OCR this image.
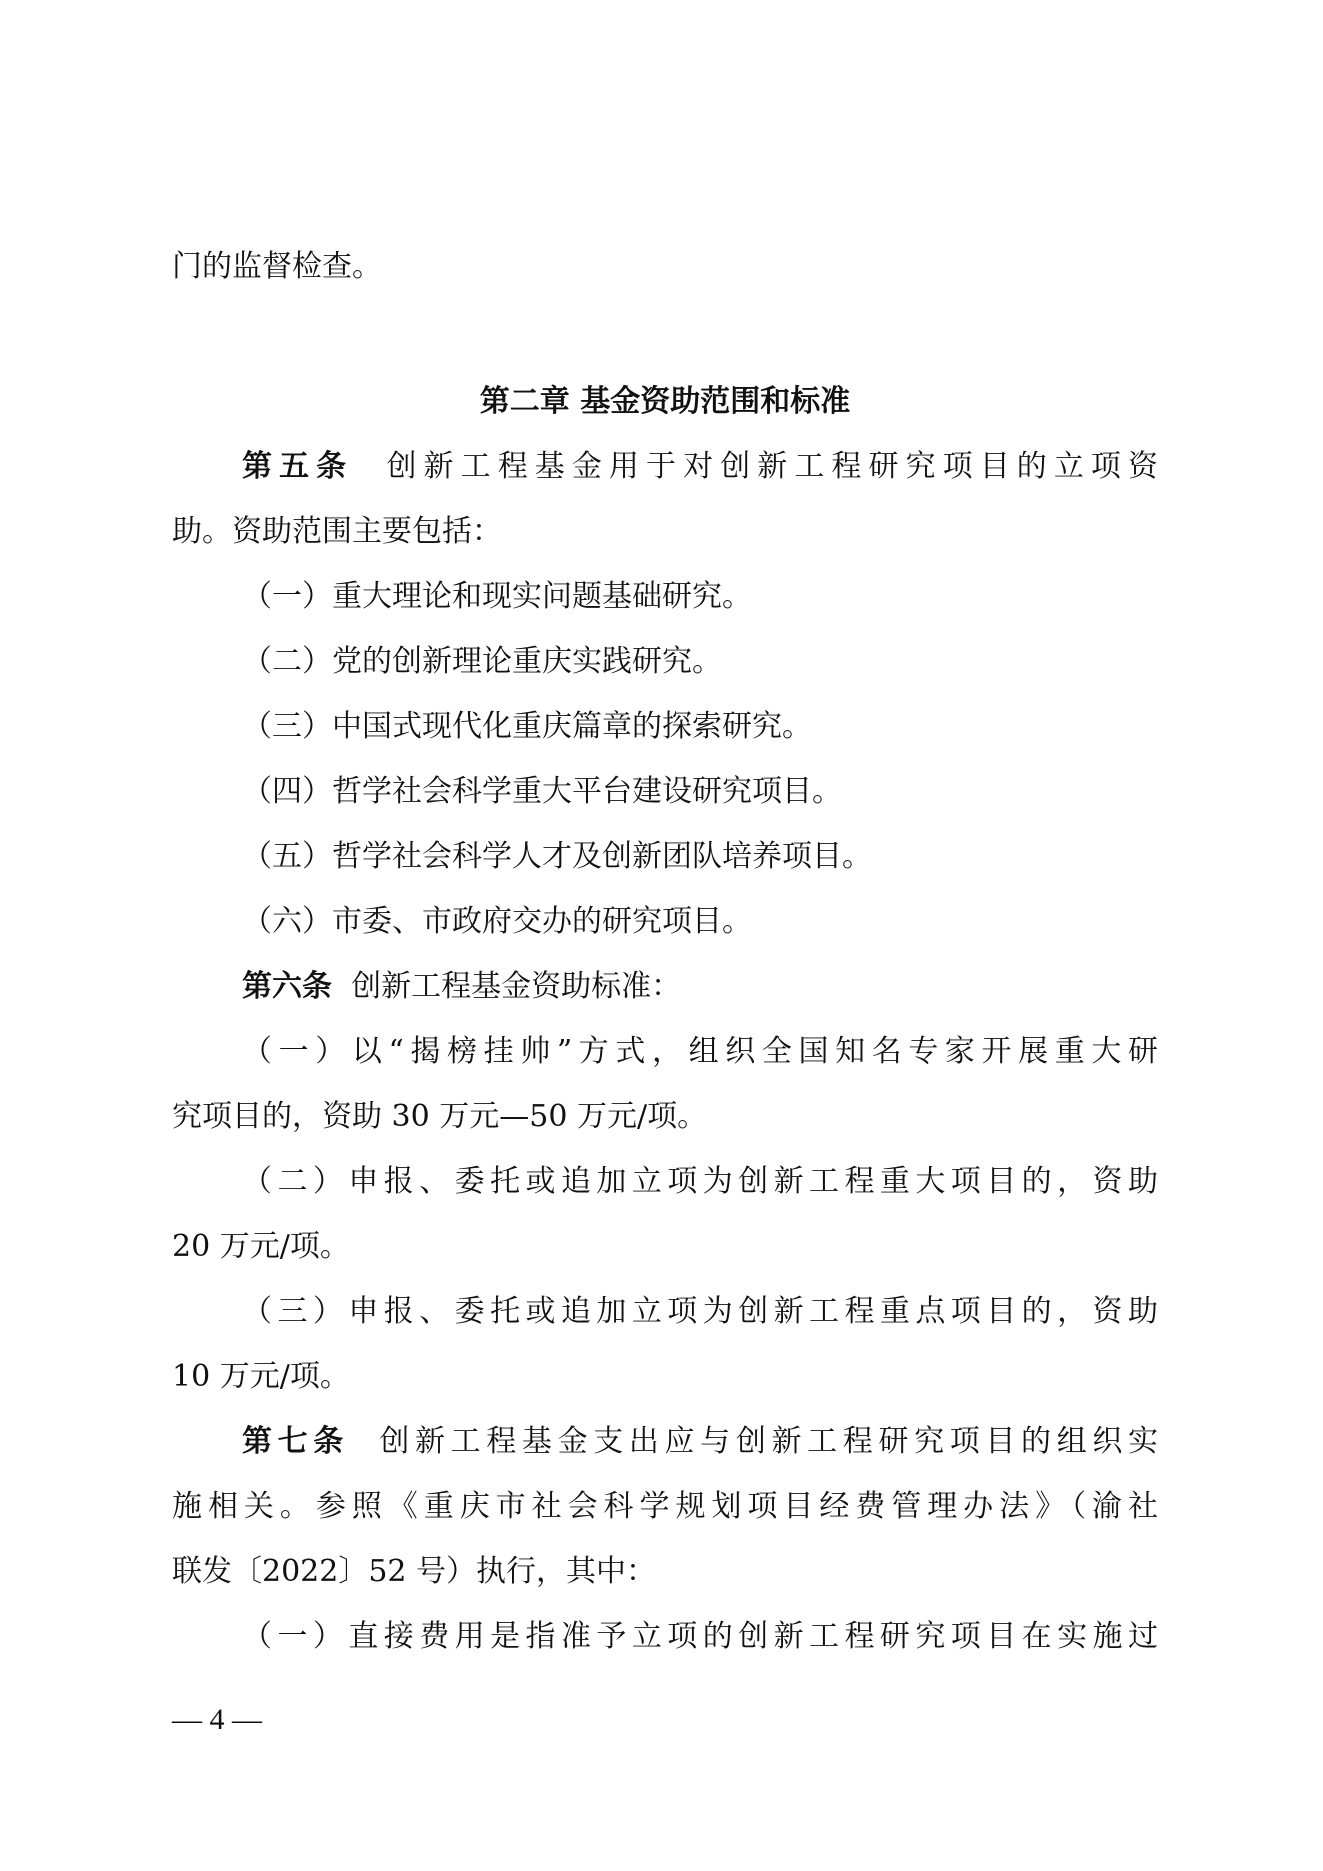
门的监督检查。
第二章 基金资助范围和标准
第五条 创新工程基金用于对创新工程研究项目的立项资
助。资助范围主要包括：
（一）重大理论和现实问题基础研究。
（二）党的创新理论重庆实践研究。
（三）中国式现代化重庆篇章的探索研究。
（四）哲学社会科学重大平台建设研究项目。
（五）哲学社会科学人才及创新团队培养项目。
（六）市委、市政府交办的研究项目。
第六条 创新工程基金资助标准：
（一）以“揭榜挂帅”方式，组织全国知名专家开展重大研
究项目的，资助 30 万元—50 万元/项。
（二）申报、委托或追加立项为创新工程重大项目的，资助
20 万元/项。
（三）申报、委托或追加立项为创新工程重点项目的，资助
10 万元/项。
第七条 创新工程基金支出应与创新工程研究项目的组织实
施相关。参照《重庆市社会科学规划项目经费管理办法》（渝社
联发〔2022〕52 号）执行，其中：
（一）直接费用是指准予立项的创新工程研究项目在实施过
— 4 —
